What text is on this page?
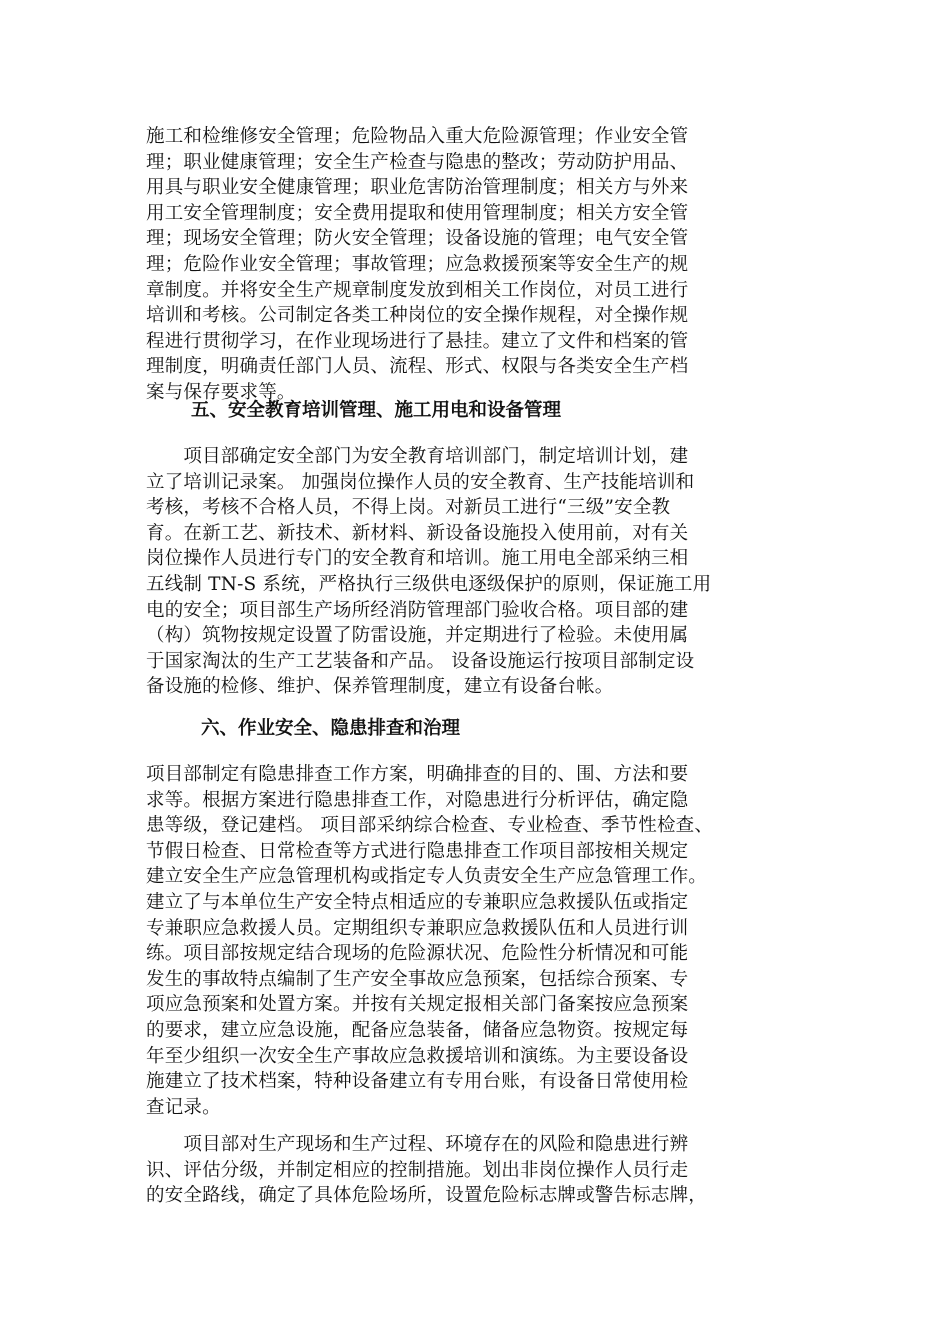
施工和检维修安全管理；危险物品入重大危险源管理；作业安全管
理；职业健康管理；安全生产检查与隐患的整改；劳动防护用品、
用具与职业安全健康管理；职业危害防治管理制度；相关方与外来
用工安全管理制度；安全费用提取和使用管理制度；相关方安全管
理；现场安全管理；防火安全管理；设备设施的管理；电气安全管
理；危险作业安全管理；事故管理；应急救援预案等安全生产的规
章制度。并将安全生产规章制度发放到相关工作岗位，对员工进行
培训和考核。公司制定各类工种岗位的安全操作规程，对全操作规
程进行贯彻学习，在作业现场进行了悬挂。建立了文件和档案的管
理制度，明确责任部门人员、流程、形式、权限与各类安全生产档
案与保存要求等。
五、安全教育培训管理、施工用电和设备管理
　　项目部确定安全部门为安全教育培训部门，制定培训计划，建
立了培训记录案。 加强岗位操作人员的安全教育、生产技能培训和
考核，考核不合格人员，不得上岗。对新员工进行“三级”安全教
育。在新工艺、新技术、新材料、新设备设施投入使用前，对有关
岗位操作人员进行专门的安全教育和培训。施工用电全部采纳三相
五线制 TN-S 系统，严格执行三级供电逐级保护的原则，保证施工用
电的安全；项目部生产场所经消防管理部门验收合格。项目部的建
（构）筑物按规定设置了防雷设施，并定期进行了检验。未使用属
于国家淘汰的生产工艺装备和产品。 设备设施运行按项目部制定设
备设施的检修、维护、保养管理制度，建立有设备台帐。
六、作业安全、隐患排查和治理
项目部制定有隐患排查工作方案，明确排查的目的、围、方法和要
求等。根据方案进行隐患排查工作，对隐患进行分析评估，确定隐
患等级，登记建档。 项目部采纳综合检查、专业检查、季节性检查、
节假日检查、日常检查等方式进行隐患排查工作项目部按相关规定
建立安全生产应急管理机构或指定专人负责安全生产应急管理工作。
建立了与本单位生产安全特点相适应的专兼职应急救援队伍或指定
专兼职应急救援人员。定期组织专兼职应急救援队伍和人员进行训
练。项目部按规定结合现场的危险源状况、危险性分析情况和可能
发生的事故特点编制了生产安全事故应急预案，包括综合预案、专
项应急预案和处置方案。并按有关规定报相关部门备案按应急预案
的要求，建立应急设施，配备应急装备，储备应急物资。按规定每
年至少组织一次安全生产事故应急救援培训和演练。为主要设备设
施建立了技术档案，特种设备建立有专用台账，有设备日常使用检
查记录。
　　项目部对生产现场和生产过程、环境存在的风险和隐患进行辨
识、评估分级，并制定相应的控制措施。划出非岗位操作人员行走
的安全路线，确定了具体危险场所，设置危险标志牌或警告标志牌，
